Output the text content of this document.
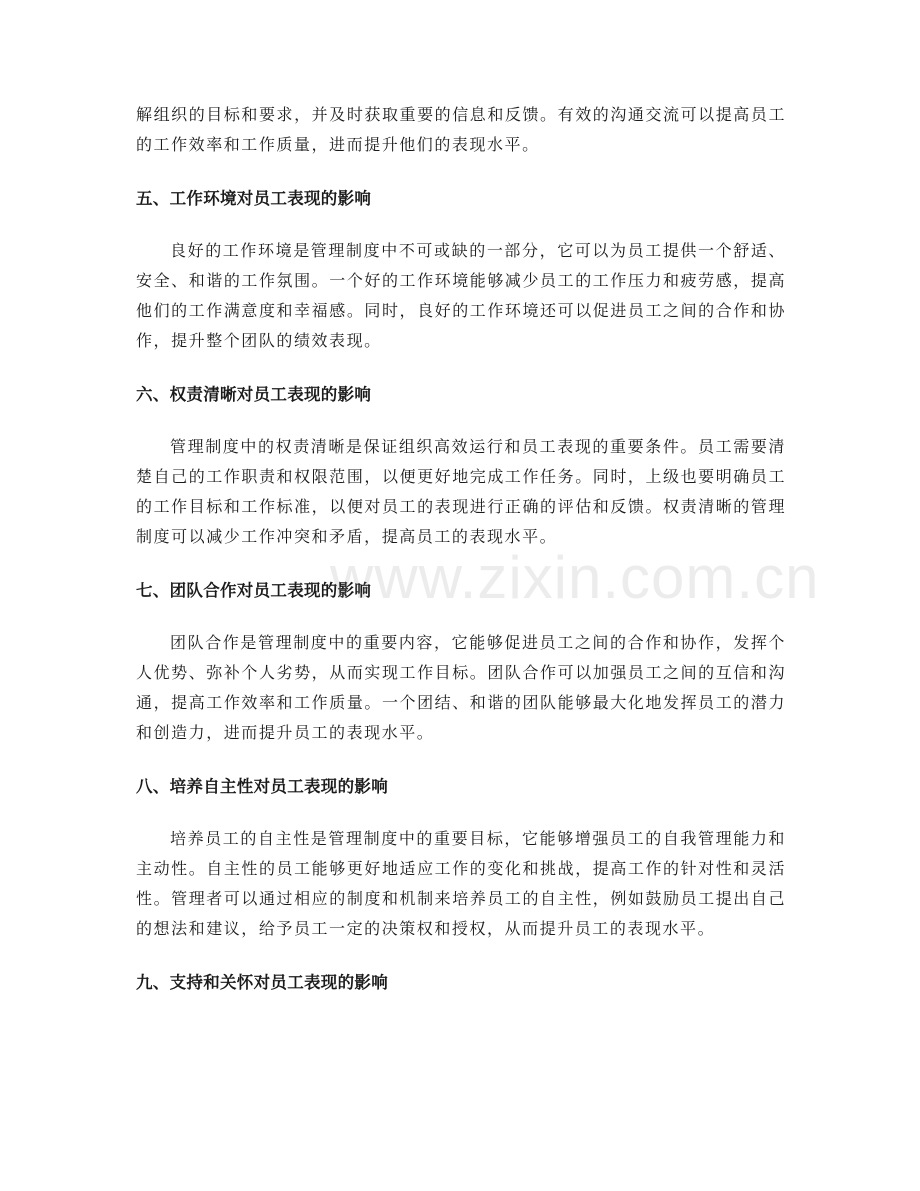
解组织的目标和要求，并及时获取重要的信息和反馈。有效的沟通交流可以提高员工的工作效率和工作质量，进而提升他们的表现水平。

五、工作环境对员工表现的影响

良好的工作环境是管理制度中不可或缺的一部分，它可以为员工提供一个舒适、安全、和谐的工作氛围。一个好的工作环境能够减少员工的工作压力和疲劳感，提高他们的工作满意度和幸福感。同时，良好的工作环境还可以促进员工之间的合作和协作，提升整个团队的绩效表现。

六、权责清晰对员工表现的影响

管理制度中的权责清晰是保证组织高效运行和员工表现的重要条件。员工需要清楚自己的工作职责和权限范围，以便更好地完成工作任务。同时，上级也要明确员工的工作目标和工作标准，以便对员工的表现进行正确的评估和反馈。权责清晰的管理制度可以减少工作冲突和矛盾，提高员工的表现水平。

七、团队合作对员工表现的影响

团队合作是管理制度中的重要内容，它能够促进员工之间的合作和协作，发挥个人优势、弥补个人劣势，从而实现工作目标。团队合作可以加强员工之间的互信和沟通，提高工作效率和工作质量。一个团结、和谐的团队能够最大化地发挥员工的潜力和创造力，进而提升员工的表现水平。

八、培养自主性对员工表现的影响

培养员工的自主性是管理制度中的重要目标，它能够增强员工的自我管理能力和主动性。自主性的员工能够更好地适应工作的变化和挑战，提高工作的针对性和灵活性。管理者可以通过相应的制度和机制来培养员工的自主性，例如鼓励员工提出自己的想法和建议，给予员工一定的决策权和授权，从而提升员工的表现水平。

九、支持和关怀对员工表现的影响
www.zixin.com.cn
